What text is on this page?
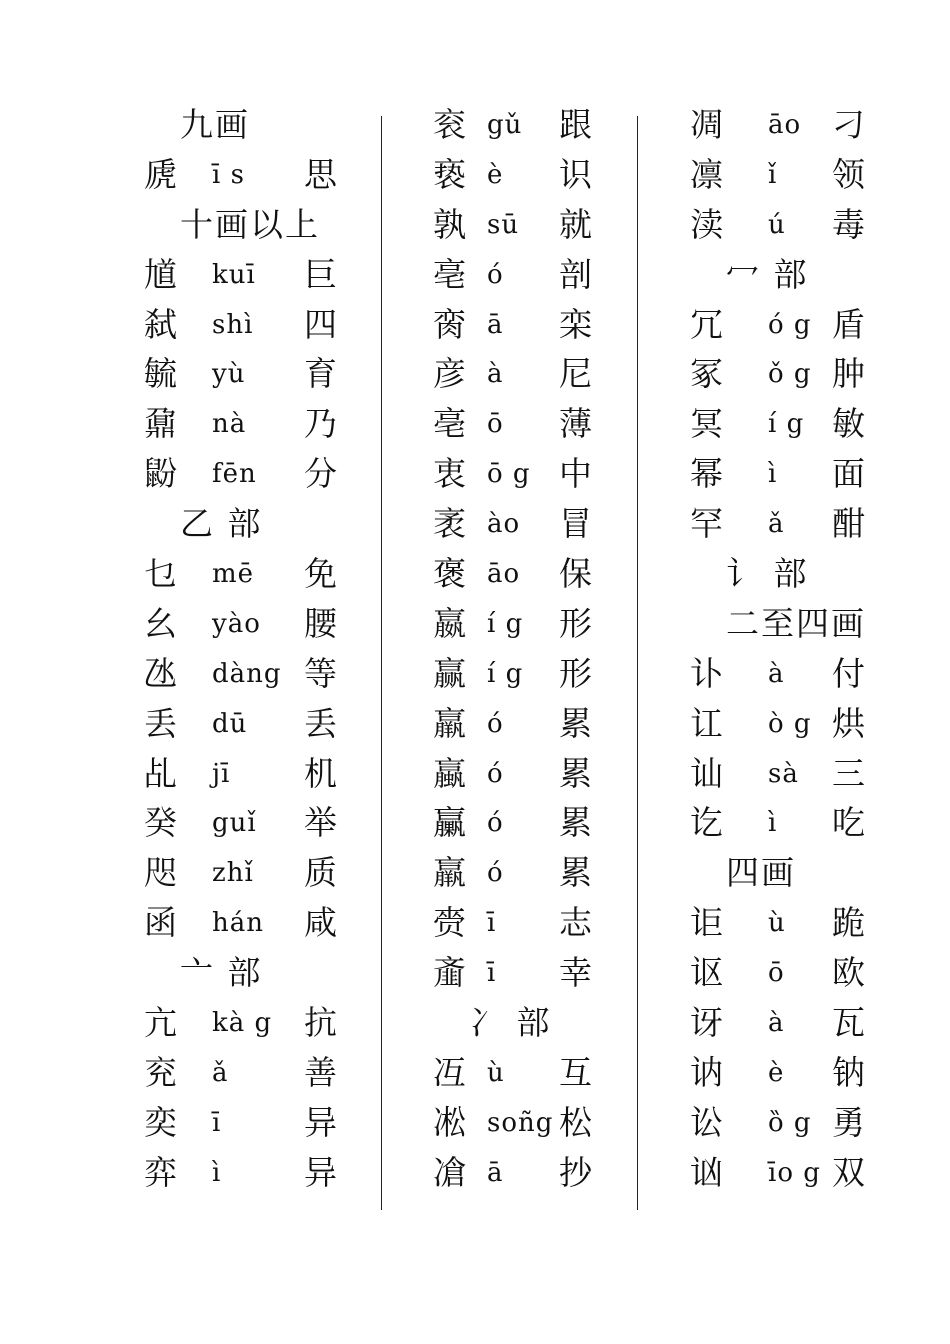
九画
虒 ī s 思
十画以上
馗 kuī 巨
弑 shì 四
毓 yù 育
鼐 nà 乃
鼢 fēn 分
乙 部
乜 mē 免
幺 yào 腰
氹 dàng 等
丢 dū 丢
乩 jī 机
癸 guǐ 举
咫 zhǐ 质
函 hán 咸
亠 部
亢 kà g 抗
兖 ǎ 善
奕 ī	异
弈 ì	异
衮 gǔ 跟
亵 è 识
孰 sū 就
亳 ó 剖
脔 ā 栾
彦 à 尼
亳 ō 薄
衷 ō g 中
袤 ào 冒
褒 āo 保
嬴 í g 形
赢 í g 形
羸 ó 累
蠃 ó 累
臝 ó 累
羸 ó 累
赍 ī 志
齑 ī 幸
冫 部
冱 ù 互
凇 soñg 松
凔 ā 抄
凋 āo 刁
凛 ǐ 领
渎 ú 毒
冖 部
冗 ó g 盾
冢 ǒ g 肿
冥 í g 敏
幂 ì 面
罕 ǎ 酣
讠 部
二至四画
讣 à 付
讧 ò g 烘
讪 sà 三
讫 ì 吃
四画
讵 ù 跪
讴 ō 欧
讶 à 瓦
讷 è 钠
讼 ȍ g 勇
讻 īo g 双
